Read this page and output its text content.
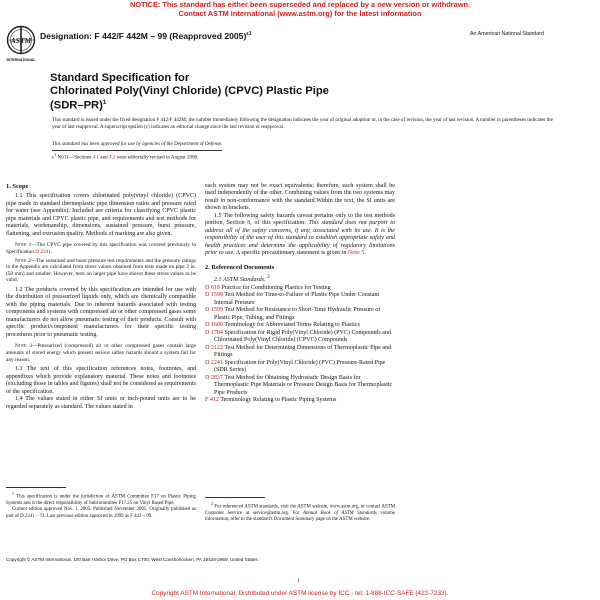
NOTICE: This standard has either been superseded and replaced by a new version or withdrawn.
Contact ASTM International (www.astm.org) for the latest information
ASTM
INTERNATIONAL
Designation: F 442/F 442M – 99 (Reapproved 2005)$^{\varepsilon 1}$	An American National Standard
Standard Specification for
Chlorinated Poly(Vinyl Chloride) (CPVC) Plastic Pipe
$(SDR-PR)^1$
This standard is issued under the fixed designation F 442/F 442M; the number immediately following the designation indicates the year of original adoption or, in the case of revision, the year of last revision. A number in parentheses indicates the year of last reapproval. A superscript epsilon (ε) indicates an editorial change since the last revision or reapproval.
This standard has been approved for use by agencies of the Department of Defense.
$\varepsilon^1$ Note—Sections 4.1 and 4.2 were editorially revised in August 2008.
1. Scope

1.1 This specification covers chlorinated poly(vinyl chloride) (CPVC) pipe made in standard thermoplastic pipe dimension ratios and pressure rated for water (see Appendix). Included are criteria for classifying CPVC plastic pipe materials and CPVC plastic pipe, and requirements and test methods for materials, workmanship, dimensions, sustained pressure, burst pressure, flattening, and extrusion quality. Methods of marking are also given.

Note 1—The CPVC pipe covered by this specification was covered previously in Specification D 2241.

Note 2—The sustained and burst pressure test requirements and the pressure ratings in the Appendix are calculated from stress values obtained from tests made on pipe 2 in. (50 mm) and smaller. However, tests on larger pipe have shown these stress values to be valid.

1.2 The products covered by this specification are intended for use with the distribution of pressurized liquids only, which are chemically compatible with the piping materials. Due to inherent hazards associated with testing components and systems with compressed air or other compressed gases some manufacturers do not allow pneumatic testing of their products. Consult with specific product/component manufacturers for their specific testing procedures prior to pneumatic testing.

Note 3—Pressurized (compressed) air or other compressed gases contain large amounts of stored energy which present serious saftey hazards should a system fail for any reason.

1.3 The text of this specification references notes, footnotes, and appendixes which provide explanatory material. These notes and footnotes (excluding those in tables and figures) shall not be considered as requirements of the specification.

1.4 The values stated in either SI units or inch-pound units are to be regarded separately as standard. The values stated in

$^1$ This specification is under the jurisdiction of ASTM Committee F17 on Plastic Piping Systems and is the direct responsibility of Subcommittee F17.25 on Vinyl Based Pipe.

Current edition approved Nov. 1, 2005. Published November 2005. Originally published as part of D 2241 – 74. Last previous edition approved in 1999 as F 442 – 99.

each system may not be exact equivalents; therefore, each system shall be used independently of the other. Combining values from the two systems may result in non-conformance with the standard.Within the text, the SI units are shown in brackets.

1.5 The following safety hazards caveat pertains only to the test methods portion, Section 8, of this specification: This standard does not purport to address all of the safety concerns, if any, associated with its use. It is the responsibility of the user of this standard to establish appropriate safety and health practices and determine the applicability of regulatory limitations prior to use. A specific precautionary statement is given in Note 5.

2. Referenced Documents

2.1 ASTM Standards: $^2$

D 618 Practice for Conditioning Plastics for Testing

D 1598 Test Method for Time-to-Failure of Plastic Pipe Under Constant Internal Pressure

D 1599 Test Method for Resistance to Short-Time Hydraulic Pressure of Plastic Pipe, Tubing, and Fittings

D 1600 Terminology for Abbreviated Terms Relating to Plastics

D 1784 Specification for Rigid Poly(Vinyl Chloride) (PVC) Compounds and Chlorinated Poly(Vinyl Chloride) (CPVC) Compounds

D 2122 Test Method for Determining Dimensions of Thermoplastic Pipe and Fittings

D 2241 Specification for Poly(Vinyl Chloride) (PVC) Pressure-Rated Pipe (SDR Series)

D 2837 Test Method for Obtaining Hydrostatic Design Basis for Thermoplastic Pipe Materials or Pressure Design Basis for Thermoplastic Pipe Products

F 412 Terminology Relating to Plastic Piping Systems

$^2$ For referenced ASTM standards, visit the ASTM website, www.astm.org, or contact ASTM Customer Service at service@astm.org. For Annual Book of ASTM Standards volume information, refer to the standard's Document Summary page on the ASTM website.

Copyright © ASTM International, 100 Barr Harbor Drive, PO Box C700, West Conshohocken, PA 19428-2959, United States.
1
Copyright ASTM International. Distributed under ASTM license by ICC - tel: 1-888-ICC-SAFE (422-7233).
